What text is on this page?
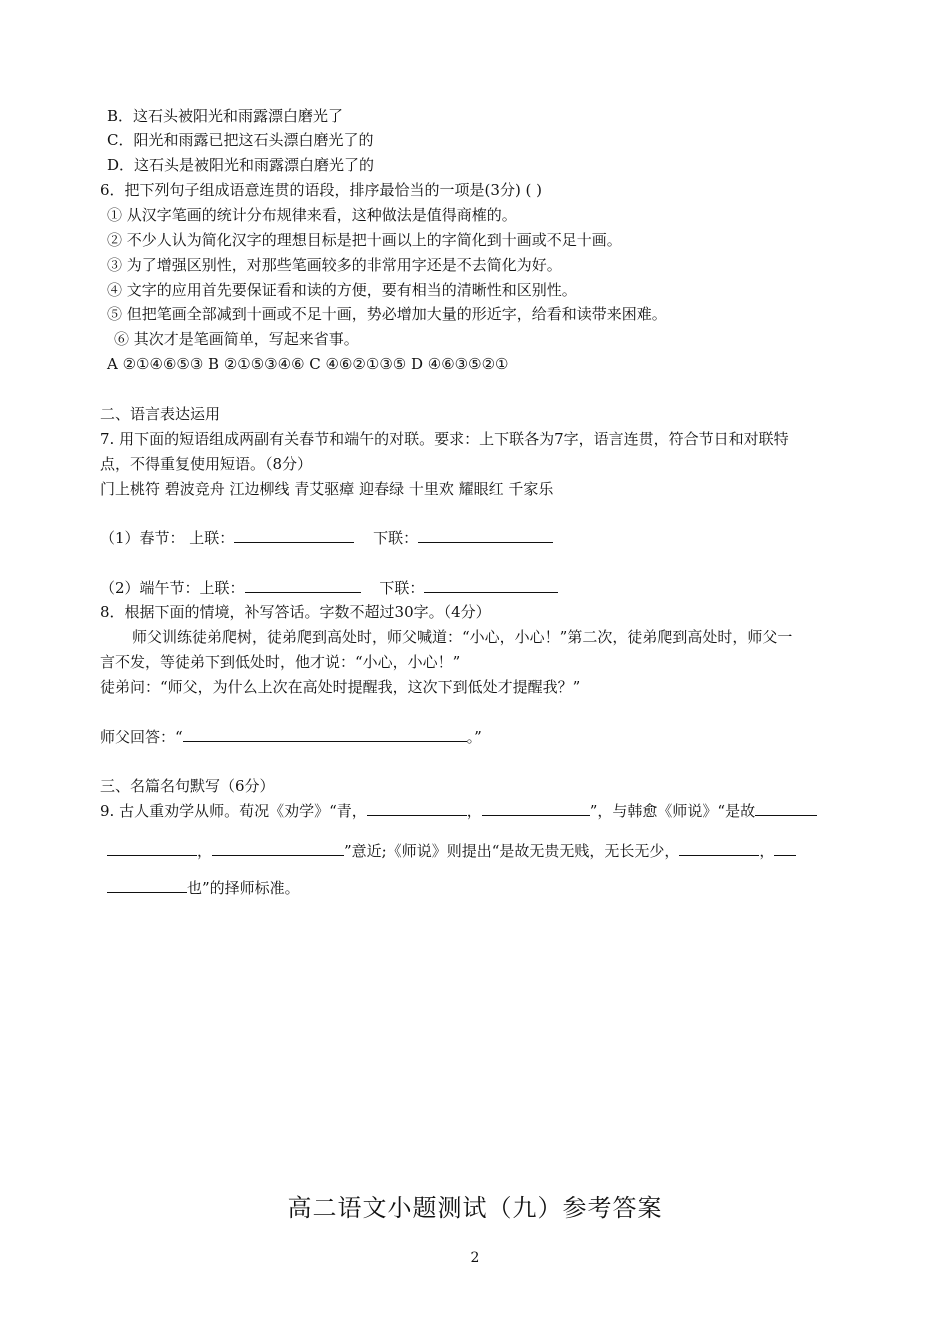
B．这石头被阳光和雨露漂白磨光了
C．阳光和雨露已把这石头漂白磨光了的
D．这石头是被阳光和雨露漂白磨光了的
6．把下列句子组成语意连贯的语段，排序最恰当的一项是(3分) ( )
① 从汉字笔画的统计分布规律来看，这种做法是值得商榷的。
② 不少人认为简化汉字的理想目标是把十画以上的字简化到十画或不足十画。
③ 为了增强区别性，对那些笔画较多的非常用字还是不去简化为好。
④ 文字的应用首先要保证看和读的方便，要有相当的清晰性和区别性。
⑤ 但把笔画全部减到十画或不足十画，势必增加大量的形近字，给看和读带来困难。
⑥ 其次才是笔画简单，写起来省事。
A ②①④⑥⑤③ B ②①⑤③④⑥ C ④⑥②①③⑤ D ④⑥③⑤②①
二、语言表达运用
7. 用下面的短语组成两副有关春节和端午的对联。要求：上下联各为7字，语言连贯，符合节日和对联特
点，不得重复使用短语。（8分）
门上桃符 碧波竞舟 江边柳线 青艾驱瘴 迎春绿 十里欢 耀眼红 千家乐
（1）春节： 上联：	下联：
（2）端午节：上联：	下联：
8．根据下面的情境，补写答话。字数不超过30字。（4分）
师父训练徒弟爬树，徒弟爬到高处时，师父喊道：“小心，小心！”第二次，徒弟爬到高处时，师父一
言不发，等徒弟下到低处时，他才说：“小心，小心！”
徒弟问：“师父，为什么上次在高处时提醒我，这次下到低处才提醒我？”
师父回答：“	。”
三、名篇名句默写（6分）
9. 古人重劝学从师。荀况《劝学》“青，	，	”，与韩愈《师说》“是故
，	”意近;《师说》则提出“是故无贵无贱，无长无少，	，
也”的择师标准。
高二语文小题测试（九）参考答案
2
